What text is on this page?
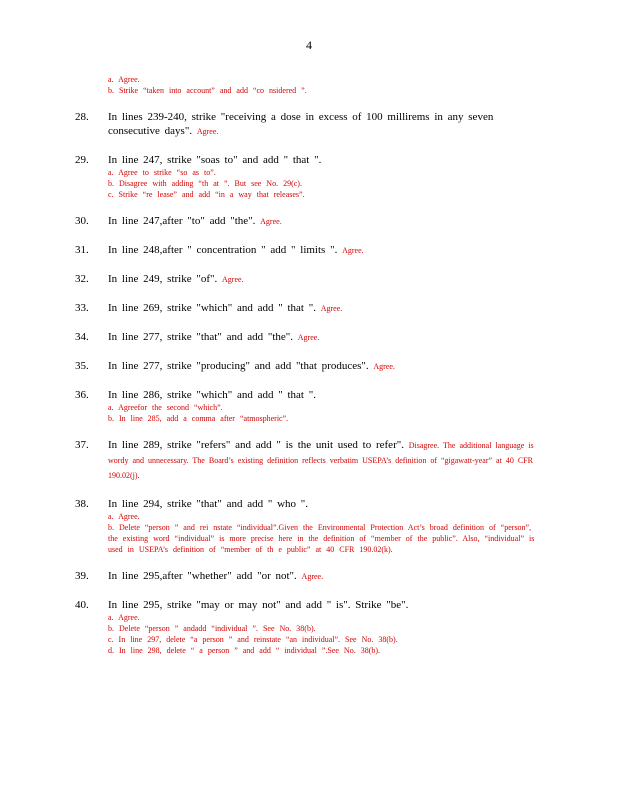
4
a. Agree.
b. Strike “taken into account” and add “co nsidered ”.
28.	In lines 239-240, strike "receiving a dose in excess of 100 millirems in any seven consecutive days". Agree.
29.	In line 247, strike "soas to" and add " that ".
a. Agree to strike “so as to”.
b. Disagree with adding “th at ”. But see No. 29(c).
c. Strike “re lease” and add “in a way that releases”.
30.	In line 247,after "to" add "the". Agree.
31.	In line 248,after " concentration " add " limits ". Agree.
32.	In line 249, strike "of". Agree.
33.	In line 269, strike "which" and add " that ". Agree.
34.	In line 277, strike "that" and add "the". Agree.
35.	In line 277, strike "producing" and add "that produces". Agree.
36.	In line 286, strike "which" and add " that ".
a. Agreefor the second “which”.
b. In line 285, add a comma after “atmospheric”.
37.	In line 289, strike "refers" and add " is the unit used to refer". Disagree. The additional language is wordy and unnecessary. The Board’s existing definition reflects verbatim USEPA’s definition of “gigawatt-year” at 40 CFR 190.02(j).
38.	In line 294, strike "that" and add " who ".
a. Agree.
b. Delete “person ” and rei nstate “individual”.Given the Environmental Protection Act’s broad definition of “person”, the existing word “individual” is more precise here in the definition of “member of the public”. Also, “individual” is used in USEPA’s definition of “member of th e public” at 40 CFR 190.02(k).
39.	In line 295,after "whether" add "or not". Agree.
40.	In line 295, strike "may or may not" and add " is". Strike "be".
a. Agree.
b. Delete “person ” andadd “individual ”. See No. 38(b).
c. In line 297, delete “a person ” and reinstate “an individual”. See No. 38(b).
d. In line 298, delete “ a person ” and add “ individual ”.See No. 38(b).
